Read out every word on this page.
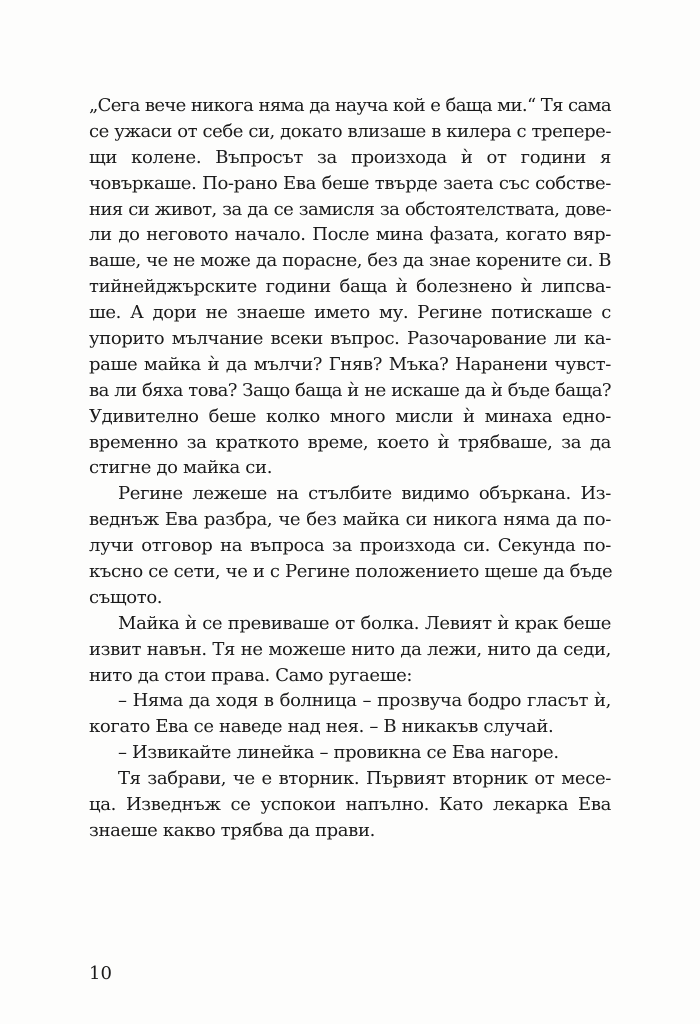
„Сега вече никога няма да науча кой е баща ми.“ Тя сама
се ужаси от себе си, докато влизаше в килера с трепере-
щи колене. Въпросът за произхода ѝ от години я
човъркаше. По-рано Ева беше твърде заета със собстве-
ния си живот, за да се замисля за обстоятелствата, дове-
ли до неговото начало. После мина фазата, когато вяр-
ваше, че не може да порасне, без да знае корените си. В
тийнейджърските години баща ѝ болезнено ѝ липсва-
ше. А дори не знаеше името му. Регине потискаше с
упорито мълчание всеки въпрос. Разочарование ли ка-
раше майка ѝ да мълчи? Гняв? Мъка? Наранени чувст-
ва ли бяха това? Защо баща ѝ не искаше да ѝ бъде баща?
Удивително беше колко много мисли ѝ минаха едно-
временно за краткото време, което ѝ трябваше, за да
стигне до майка си.
Регине лежеше на стълбите видимо объркана. Из-
веднъж Ева разбра, че без майка си никога няма да по-
лучи отговор на въпроса за произхода си. Секунда по-
късно се сети, че и с Регине положението щеше да бъде
същото.
Майка ѝ се превиваше от болка. Левият ѝ крак беше
извит навън. Тя не можеше нито да лежи, нито да седи,
нито да стои права. Само ругаеше:
– Няма да ходя в болница – прозвуча бодро гласът ѝ,
когато Ева се наведе над нея. – В никакъв случай.
– Извикайте линейка – провикна се Ева нагоре.
Тя забрави, че е вторник. Първият вторник от месе-
ца. Изведнъж се успокои напълно. Като лекарка Ева
знаеше какво трябва да прави.
10
